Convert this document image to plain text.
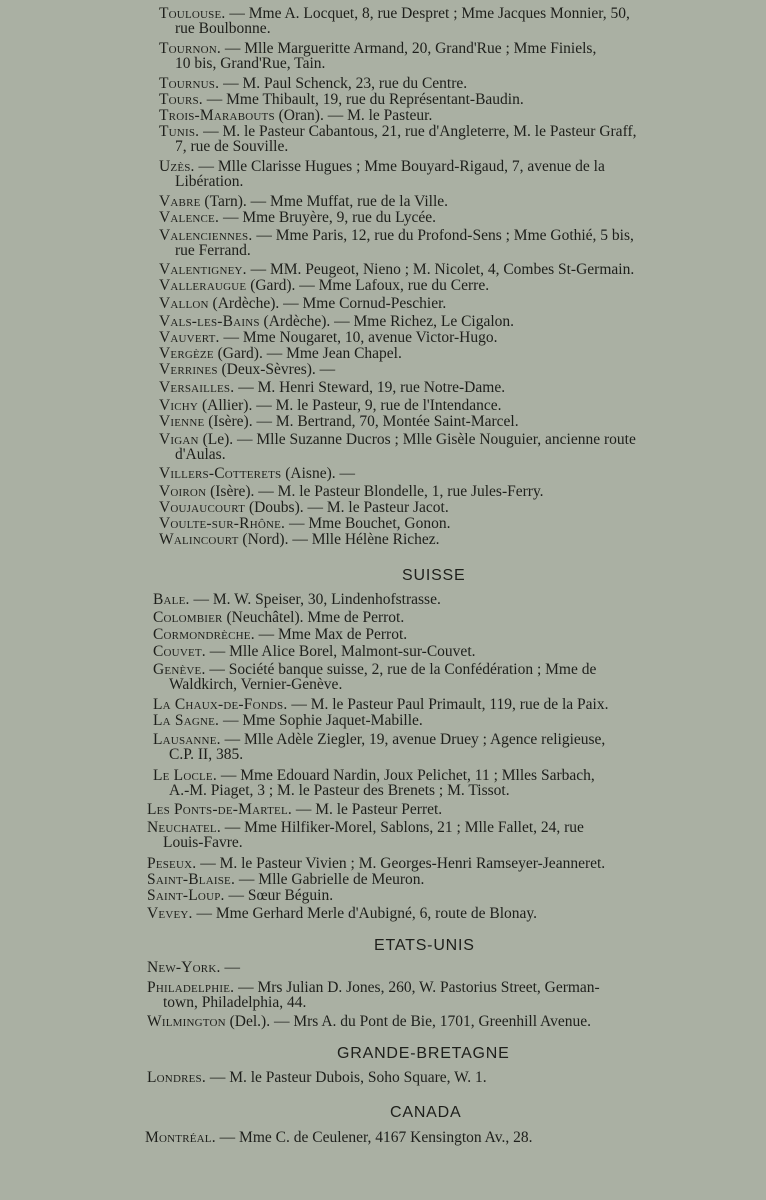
Toulouse. — Mme A. Locquet, 8, rue Despret ; Mme Jacques Monnier, 50,
rue Boulbonne.
Tournon. — Mlle Margueritte Armand, 20, Grand'Rue ; Mme Finiels,
10 bis, Grand'Rue, Tain.
Tournus. — M. Paul Schenck, 23, rue du Centre.
Tours. — Mme Thibault, 19, rue du Représentant-Baudin.
Trois-Marabouts (Oran). — M. le Pasteur.
Tunis. — M. le Pasteur Cabantous, 21, rue d'Angleterre, M. le Pasteur Graff,
7, rue de Souville.
Uzès. — Mlle Clarisse Hugues ; Mme Bouyard-Rigaud, 7, avenue de la
Libération.
Vabre (Tarn). — Mme Muffat, rue de la Ville.
Valence. — Mme Bruyère, 9, rue du Lycée.
Valenciennes. — Mme Paris, 12, rue du Profond-Sens ; Mme Gothié, 5 bis,
rue Ferrand.
Valentigney. — MM. Peugeot, Nieno ; M. Nicolet, 4, Combes St-Germain.
Valleraugue (Gard). — Mme Lafoux, rue du Cerre.
Vallon (Ardèche). — Mme Cornud-Peschier.
Vals-les-Bains (Ardèche). — Mme Richez, Le Cigalon.
Vauvert. — Mme Nougaret, 10, avenue Victor-Hugo.
Vergèze (Gard). — Mme Jean Chapel.
Verrines (Deux-Sèvres). —
Versailles. — M. Henri Steward, 19, rue Notre-Dame.
Vichy (Allier). — M. le Pasteur, 9, rue de l'Intendance.
Vienne (Isère). — M. Bertrand, 70, Montée Saint-Marcel.
Vigan (Le). — Mlle Suzanne Ducros ; Mlle Gisèle Nouguier, ancienne route
d'Aulas.
Villers-Cotterets (Aisne). —
Voiron (Isère). — M. le Pasteur Blondelle, 1, rue Jules-Ferry.
Voujaucourt (Doubs). — M. le Pasteur Jacot.
Voulte-sur-Rhône. — Mme Bouchet, Gonon.
Walincourt (Nord). — Mlle Hélène Richez.
SUISSE
Bale. — M. W. Speiser, 30, Lindenhofstrasse.
Colombier (Neuchâtel). Mme de Perrot.
Cormondrèche. — Mme Max de Perrot.
Couvet. — Mlle Alice Borel, Malmont-sur-Couvet.
Genève. — Société banque suisse, 2, rue de la Confédération ; Mme de
Waldkirch, Vernier-Genève.
La Chaux-de-Fonds. — M. le Pasteur Paul Primault, 119, rue de la Paix.
La Sagne. — Mme Sophie Jaquet-Mabille.
Lausanne. — Mlle Adèle Ziegler, 19, avenue Druey ; Agence religieuse,
C.P. II, 385.
Le Locle. — Mme Edouard Nardin, Joux Pelichet, 11 ; Mlles Sarbach,
A.-M. Piaget, 3 ; M. le Pasteur des Brenets ; M. Tissot.
Les Ponts-de-Martel. — M. le Pasteur Perret.
Neuchatel. — Mme Hilfiker-Morel, Sablons, 21 ; Mlle Fallet, 24, rue
Louis-Favre.
Peseux. — M. le Pasteur Vivien ; M. Georges-Henri Ramseyer-Jeanneret.
Saint-Blaise. — Mlle Gabrielle de Meuron.
Saint-Loup. — Sœur Béguin.
Vevey. — Mme Gerhard Merle d'Aubigné, 6, route de Blonay.
ETATS-UNIS
New-York. —
Philadelphie. — Mrs Julian D. Jones, 260, W. Pastorius Street, German-
town, Philadelphia, 44.
Wilmington (Del.). — Mrs A. du Pont de Bie, 1701, Greenhill Avenue.
GRANDE-BRETAGNE
Londres. — M. le Pasteur Dubois, Soho Square, W. 1.
CANADA
Montréal. — Mme C. de Ceulener, 4167 Kensington Av., 28.
